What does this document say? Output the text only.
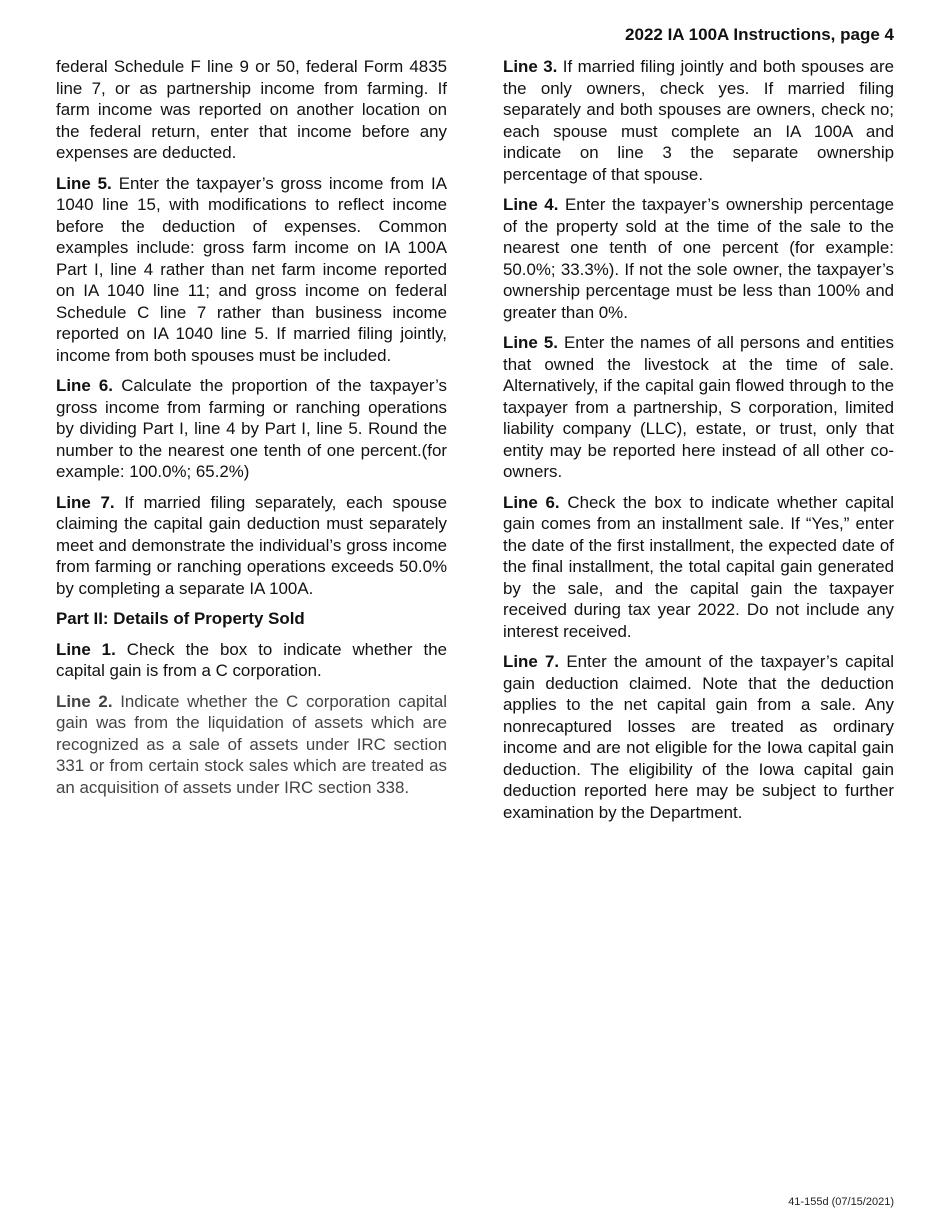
2022 IA 100A Instructions, page 4

federal Schedule F line 9 or 50, federal Form 4835 line 7, or as partnership income from farming. If farm income was reported on another location on the federal return, enter that income before any expenses are deducted.

Line 5. Enter the taxpayer’s gross income from IA 1040 line 15, with modifications to reflect income before the deduction of expenses. Common examples include: gross farm income on IA 100A Part I, line 4 rather than net farm income reported on IA 1040 line 11; and gross income on federal Schedule C line 7 rather than business income reported on IA 1040 line 5. If married filing jointly, income from both spouses must be included.

Line 6. Calculate the proportion of the taxpayer’s gross income from farming or ranching operations by dividing Part I, line 4 by Part I, line 5. Round the number to the nearest one tenth of one percent.(for example: 100.0%; 65.2%)

Line 7. If married filing separately, each spouse claiming the capital gain deduction must separately meet and demonstrate the individual’s gross income from farming or ranching operations exceeds 50.0% by completing a separate IA 100A.

Part II: Details of Property Sold

Line 1. Check the box to indicate whether the capital gain is from a C corporation.

Line 2. Indicate whether the C corporation capital gain was from the liquidation of assets which are recognized as a sale of assets under IRC section 331 or from certain stock sales which are treated as an acquisition of assets under IRC section 338.

Line 3. If married filing jointly and both spouses are the only owners, check yes. If married filing separately and both spouses are owners, check no; each spouse must complete an IA 100A and indicate on line 3 the separate ownership percentage of that spouse.

Line 4. Enter the taxpayer’s ownership percentage of the property sold at the time of the sale to the nearest one tenth of one percent (for example: 50.0%; 33.3%). If not the sole owner, the taxpayer’s ownership percentage must be less than 100% and greater than 0%.

Line 5. Enter the names of all persons and entities that owned the livestock at the time of sale. Alternatively, if the capital gain flowed through to the taxpayer from a partnership, S corporation, limited liability company (LLC), estate, or trust, only that entity may be reported here instead of all other co-owners.

Line 6. Check the box to indicate whether capital gain comes from an installment sale. If “Yes,” enter the date of the first installment, the expected date of the final installment, the total capital gain generated by the sale, and the capital gain the taxpayer received during tax year 2022. Do not include any interest received.

Line 7. Enter the amount of the taxpayer’s capital gain deduction claimed. Note that the deduction applies to the net capital gain from a sale. Any nonrecaptured losses are treated as ordinary income and are not eligible for the Iowa capital gain deduction. The eligibility of the Iowa capital gain deduction reported here may be subject to further examination by the Department.

41-155d (07/15/2021)
